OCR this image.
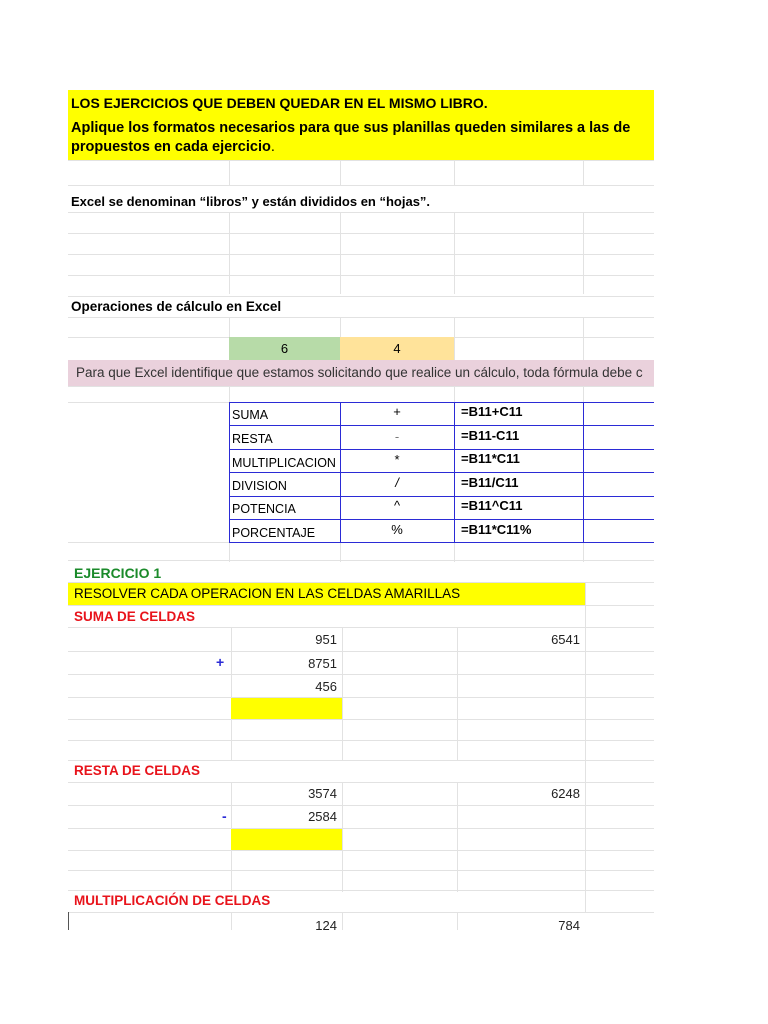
LOS EJERCICIOS QUE DEBEN QUEDAR EN EL MISMO LIBRO.
Aplique los formatos necesarios para que sus planillas queden similares a las de
propuestos en cada ejercicio.
Excel se denominan “libros” y están divididos en “hojas”.
Operaciones de cálculo en Excel
6	4
Para que Excel identifique que estamos solicitando que realice un cálculo, toda fórmula debe c
SUMA	+	=B11+C11
RESTA	-	=B11-C11
MULTIPLICACION	*	=B11*C11
DIVISION	/	=B11/C11
POTENCIA	^	=B11^C11
PORCENTAJE	%	=B11*C11%
EJERCICIO 1
RESOLVER CADA OPERACION EN LAS CELDAS AMARILLAS
SUMA DE CELDAS
951	6541
+	8751
456
RESTA DE CELDAS
3574	6248
-	2584
MULTIPLICACIÓN DE CELDAS
124	784
